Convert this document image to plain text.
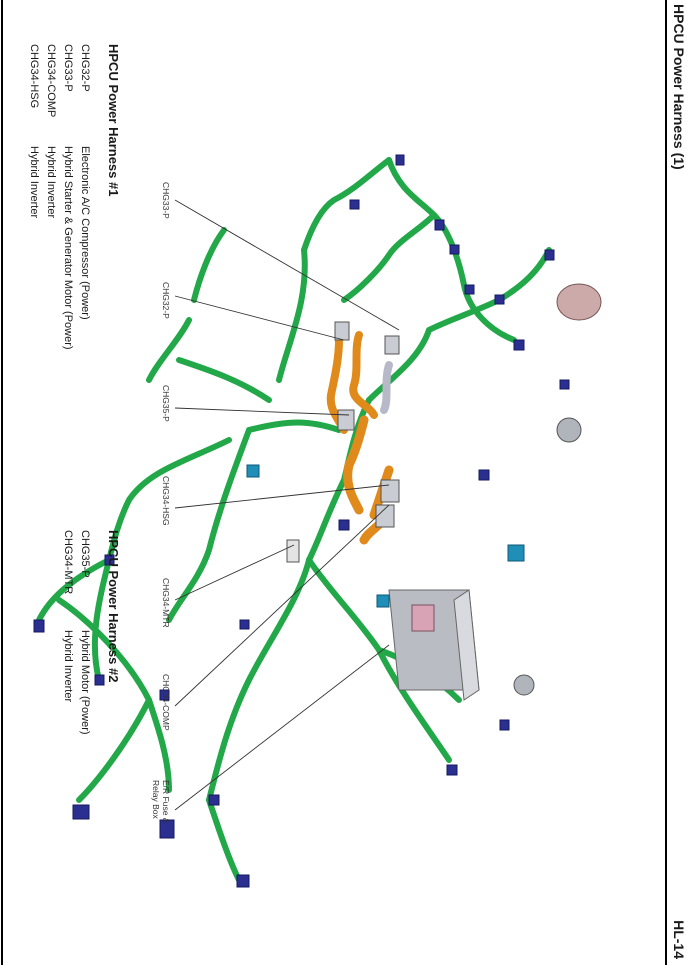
HPCU Power Harness (1)
HL-14
CHG33-P
CHG32-P
CHG35-P
CHG34-HSG
CHG34-MTR
CHG34-COMP
E/R Fuse &
Relay Box
HPCU Power Harness #1
CHG32-P
Electronic A/C Compressor (Power)
CHG33-P
Hybrid Starter & Generator Motor (Power)
CHG34-COMP
Hybrid Inverter
CHG34-HSG
Hybrid Inverter
HPCU Power Harness #2
CHG35-P
Hybrid Motor (Power)
CHG34-MTR
Hybrid Inverter
